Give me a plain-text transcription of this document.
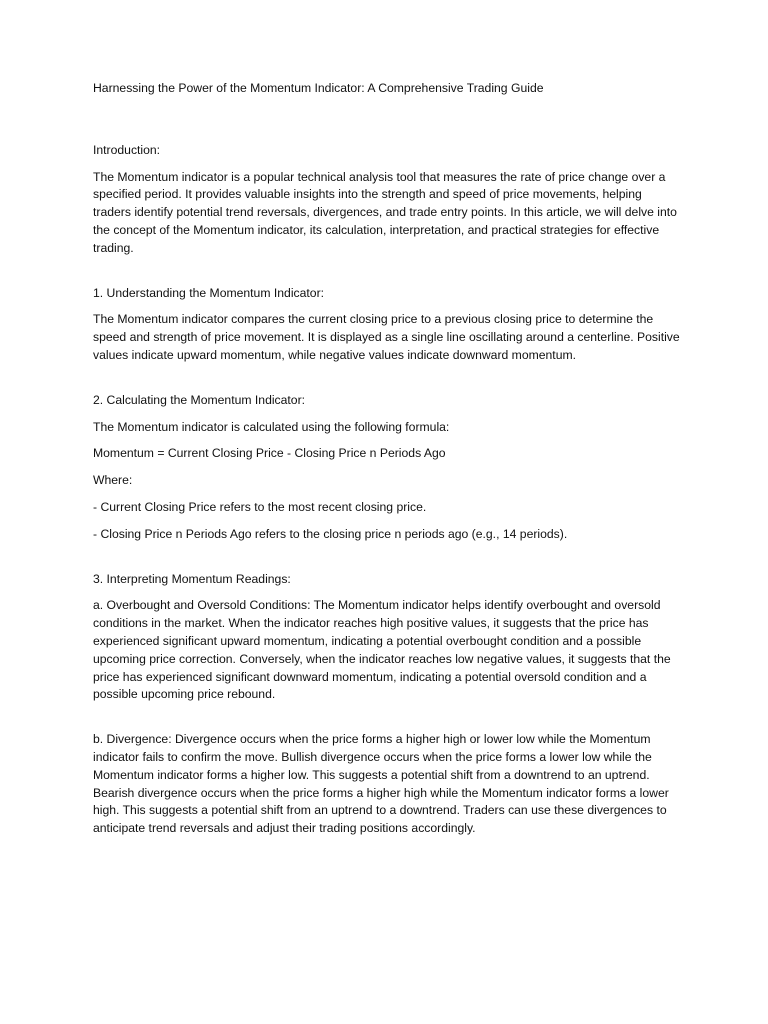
Harnessing the Power of the Momentum Indicator: A Comprehensive Trading Guide

Introduction:

The Momentum indicator is a popular technical analysis tool that measures the rate of price change over a specified period. It provides valuable insights into the strength and speed of price movements, helping traders identify potential trend reversals, divergences, and trade entry points. In this article, we will delve into the concept of the Momentum indicator, its calculation, interpretation, and practical strategies for effective trading.

1. Understanding the Momentum Indicator:

The Momentum indicator compares the current closing price to a previous closing price to determine the speed and strength of price movement. It is displayed as a single line oscillating around a centerline. Positive values indicate upward momentum, while negative values indicate downward momentum.

2. Calculating the Momentum Indicator:

The Momentum indicator is calculated using the following formula:

Momentum = Current Closing Price - Closing Price n Periods Ago

Where:

- Current Closing Price refers to the most recent closing price.

- Closing Price n Periods Ago refers to the closing price n periods ago (e.g., 14 periods).

3. Interpreting Momentum Readings:

a. Overbought and Oversold Conditions: The Momentum indicator helps identify overbought and oversold conditions in the market. When the indicator reaches high positive values, it suggests that the price has experienced significant upward momentum, indicating a potential overbought condition and a possible upcoming price correction. Conversely, when the indicator reaches low negative values, it suggests that the price has experienced significant downward momentum, indicating a potential oversold condition and a possible upcoming price rebound.

b. Divergence: Divergence occurs when the price forms a higher high or lower low while the Momentum indicator fails to confirm the move. Bullish divergence occurs when the price forms a lower low while the Momentum indicator forms a higher low. This suggests a potential shift from a downtrend to an uptrend. Bearish divergence occurs when the price forms a higher high while the Momentum indicator forms a lower high. This suggests a potential shift from an uptrend to a downtrend. Traders can use these divergences to anticipate trend reversals and adjust their trading positions accordingly.
